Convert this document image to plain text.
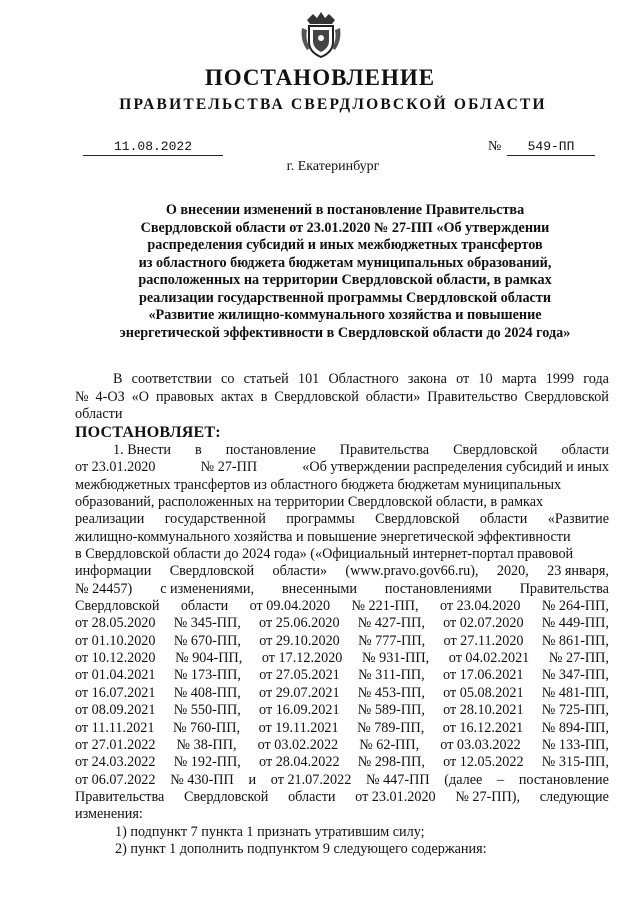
ПОСТАНОВЛЕНИЕ
ПРАВИТЕЛЬСТВА СВЕРДЛОВСКОЙ ОБЛАСТИ
11.08.2022	№	549-ПП
г. Екатеринбург
О внесении изменений в постановление Правительства
Свердловской области от 23.01.2020 № 27-ПП «Об утверждении
распределения субсидий и иных межбюджетных трансфертов
из областного бюджета бюджетам муниципальных образований,
расположенных на территории Свердловской области, в рамках
реализации государственной программы Свердловской области
«Развитие жилищно-коммунального хозяйства и повышение
энергетической эффективности в Свердловской области до 2024 года»
В соответствии со статьей 101 Областного закона от 10 марта 1999 года
№ 4-ОЗ «О правовых актах в Свердловской области» Правительство Свердловской
области
ПОСТАНОВЛЯЕТ:
1. Внести в постановление Правительства Свердловской области
от 23.01.2020	№ 27-ПП	«Об утверждении распределения субсидий и иных
межбюджетных трансфертов из областного бюджета бюджетам муниципальных
образований, расположенных на территории Свердловской области, в рамках
реализации государственной программы Свердловской области «Развитие
жилищно-коммунального хозяйства и повышение энергетической эффективности
в Свердловской области до 2024 года» («Официальный интернет-портал правовой
информации Свердловской области» (www.pravo.gov66.ru), 2020, 23 января,
№ 24457) с изменениями, внесенными постановлениями Правительства
Свердловской области от 09.04.2020 № 221-ПП, от 23.04.2020 № 264-ПП,
от 28.05.2020 № 345-ПП, от 25.06.2020 № 427-ПП, от 02.07.2020 № 449-ПП,
от 01.10.2020 № 670-ПП, от 29.10.2020 № 777-ПП, от 27.11.2020 № 861-ПП,
от 10.12.2020 № 904-ПП, от 17.12.2020 № 931-ПП, от 04.02.2021 № 27-ПП,
от 01.04.2021 № 173-ПП, от 27.05.2021 № 311-ПП, от 17.06.2021 № 347-ПП,
от 16.07.2021 № 408-ПП, от 29.07.2021 № 453-ПП, от 05.08.2021 № 481-ПП,
от 08.09.2021 № 550-ПП, от 16.09.2021 № 589-ПП, от 28.10.2021 № 725-ПП,
от 11.11.2021 № 760-ПП, от 19.11.2021 № 789-ПП, от 16.12.2021 № 894-ПП,
от 27.01.2022 № 38-ПП, от 03.02.2022 № 62-ПП, от 03.03.2022 № 133-ПП,
от 24.03.2022 № 192-ПП, от 28.04.2022 № 298-ПП, от 12.05.2022 № 315-ПП,
от 06.07.2022 № 430-ПП и от 21.07.2022 № 447-ПП (далее – постановление
Правительства Свердловской области от 23.01.2020 № 27-ПП), следующие
изменения:
1) подпункт 7 пункта 1 признать утратившим силу;
2) пункт 1 дополнить подпунктом 9 следующего содержания:
